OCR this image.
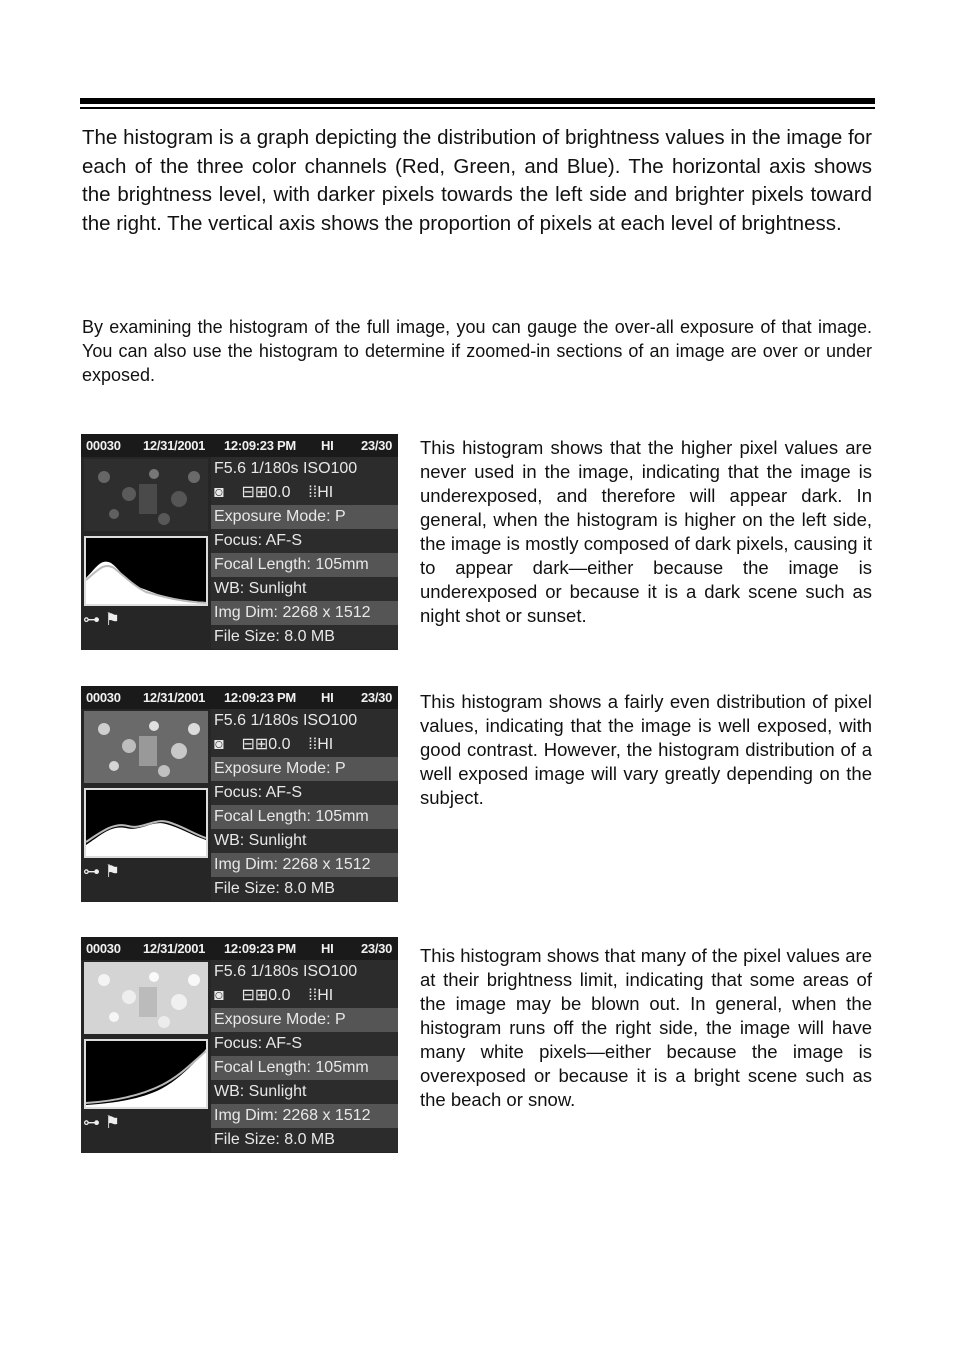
The histogram is a graph depicting the distribution of brightness values in the image for each of the three color channels (Red, Green, and Blue). The horizontal axis shows the brightness level, with darker pixels towards the left side and brighter pixels toward the right. The vertical axis shows the proportion of pixels at each level of brightness.

By examining the histogram of the full image, you can gauge the over-all exposure of that image. You can also use the histogram to determine if zoomed-in sections of an image are over or under exposed.

00030 12/31/2001 12:09:23 PM HI 23/30
⊶ ⚑
F5.6 1/180s ISO100
◙ ⊟⊞0.0 ⁞⁞HI
Exposure Mode: P
Focus: AF-S
Focal Length: 105mm
WB: Sunlight
Img Dim: 2268 x 1512
File Size: 8.0 MB

This histogram shows that the higher pixel values are never used in the image, indicating that the image is underexposed, and therefore will appear dark. In general, when the histogram is higher on the left side, the image is mostly composed of dark pixels, causing it to appear dark—either because the image is underexposed or because it is a dark scene such as night shot or sunset.

00030 12/31/2001 12:09:23 PM HI 23/30
⊶ ⚑
F5.6 1/180s ISO100
◙ ⊟⊞0.0 ⁞⁞HI
Exposure Mode: P
Focus: AF-S
Focal Length: 105mm
WB: Sunlight
Img Dim: 2268 x 1512
File Size: 8.0 MB

This histogram shows a fairly even distribution of pixel values, indicating that the image is well exposed, with good contrast. However, the histogram distribution of a well exposed image will vary greatly depending on the subject.

00030 12/31/2001 12:09:23 PM HI 23/30
⊶ ⚑
F5.6 1/180s ISO100
◙ ⊟⊞0.0 ⁞⁞HI
Exposure Mode: P
Focus: AF-S
Focal Length: 105mm
WB: Sunlight
Img Dim: 2268 x 1512
File Size: 8.0 MB

This histogram shows that many of the pixel values are at their brightness limit, indicating that some areas of the image may be blown out. In general, when the histogram runs off the right side, the image will have many white pixels—either because the image is overexposed or because it is a bright scene such as the beach or snow.
